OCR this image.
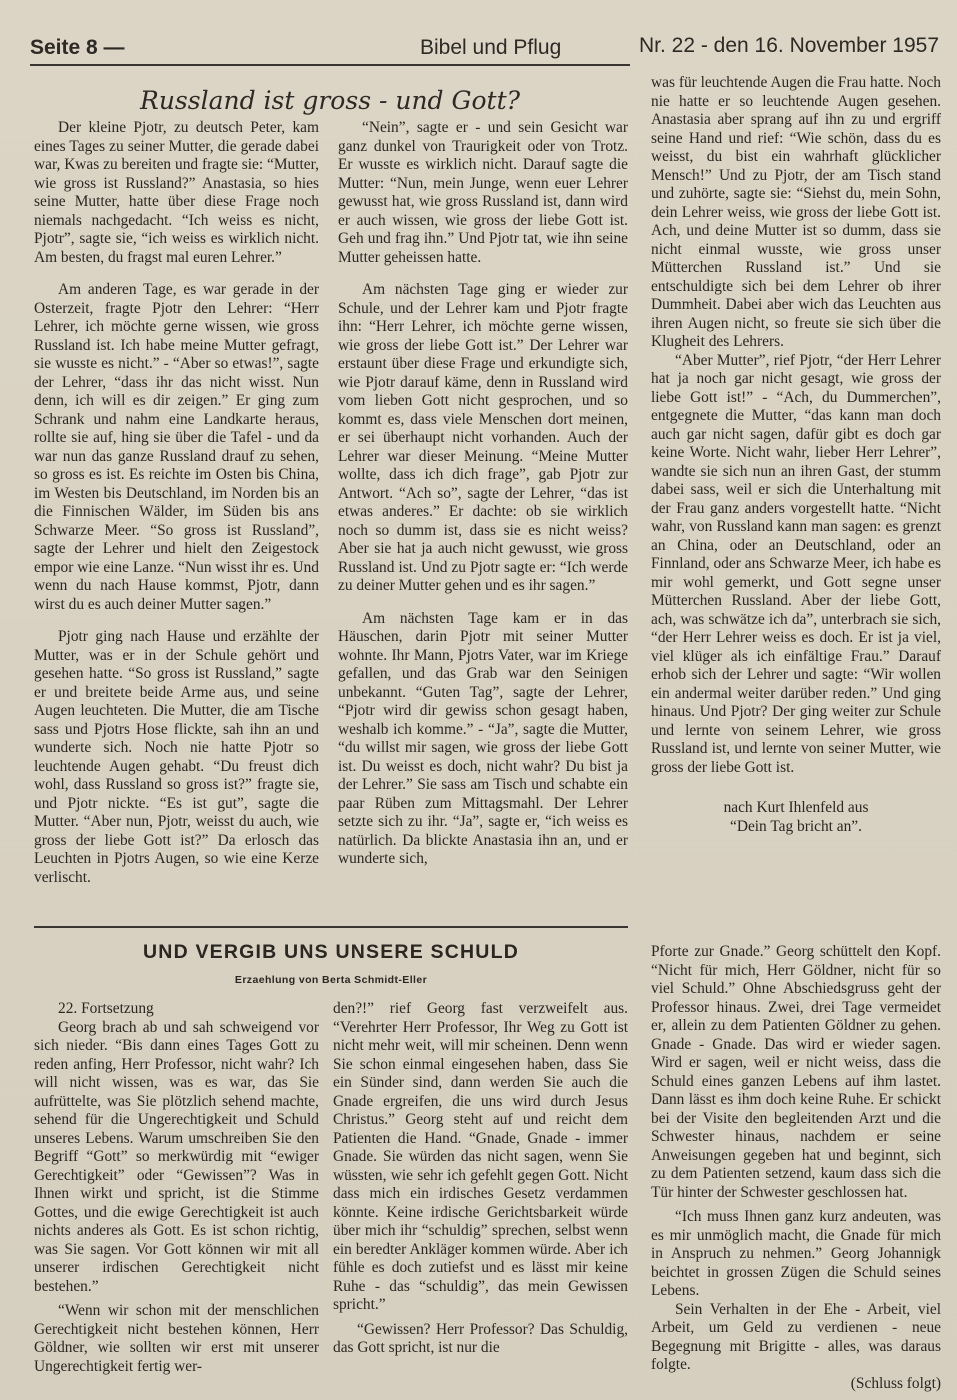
Seite 8 —	Bibel und Pflug	Nr. 22 - den 16. November 1957
Russland ist gross - und Gott?

Der kleine Pjotr, zu deutsch Peter, kam eines Tages zu seiner Mutter, die gerade dabei war, Kwas zu bereiten und fragte sie: “Mutter, wie gross ist Russland?” Anastasia, so hies seine Mutter, hatte über diese Frage noch niemals nachgedacht. “Ich weiss es nicht, Pjotr”, sagte sie, “ich weiss es wirklich nicht. Am besten, du fragst mal euren Lehrer.”

Am anderen Tage, es war gerade in der Osterzeit, fragte Pjotr den Lehrer: “Herr Lehrer, ich möchte gerne wissen, wie gross Russland ist. Ich habe meine Mutter gefragt, sie wusste es nicht.” - “Aber so etwas!”, sagte der Lehrer, “dass ihr das nicht wisst. Nun denn, ich will es dir zeigen.” Er ging zum Schrank und nahm eine Landkarte heraus, rollte sie auf, hing sie über die Tafel - und da war nun das ganze Russland drauf zu sehen, so gross es ist. Es reichte im Osten bis China, im Westen bis Deutschland, im Norden bis an die Finnischen Wälder, im Süden bis ans Schwarze Meer. “So gross ist Russland”, sagte der Lehrer und hielt den Zeigestock empor wie eine Lanze. “Nun wisst ihr es. Und wenn du nach Hause kommst, Pjotr, dann wirst du es auch deiner Mutter sagen.”

Pjotr ging nach Hause und erzählte der Mutter, was er in der Schule gehört und gesehen hatte. “So gross ist Russland,” sagte er und breitete beide Arme aus, und seine Augen leuchteten. Die Mutter, die am Tische sass und Pjotrs Hose flickte, sah ihn an und wunderte sich. Noch nie hatte Pjotr so leuchtende Augen gehabt. “Du freust dich wohl, dass Russland so gross ist?” fragte sie, und Pjotr nickte. “Es ist gut”, sagte die Mutter. “Aber nun, Pjotr, weisst du auch, wie gross der liebe Gott ist?” Da erlosch das Leuchten in Pjotrs Augen, so wie eine Kerze verlischt.

“Nein”, sagte er - und sein Gesicht war ganz dunkel von Traurigkeit oder von Trotz. Er wusste es wirklich nicht. Darauf sagte die Mutter: “Nun, mein Junge, wenn euer Lehrer gewusst hat, wie gross Russland ist, dann wird er auch wissen, wie gross der liebe Gott ist. Geh und frag ihn.” Und Pjotr tat, wie ihn seine Mutter geheissen hatte.

Am nächsten Tage ging er wieder zur Schule, und der Lehrer kam und Pjotr fragte ihn: “Herr Lehrer, ich möchte gerne wissen, wie gross der liebe Gott ist.” Der Lehrer war erstaunt über diese Frage und erkundigte sich, wie Pjotr darauf käme, denn in Russland wird vom lieben Gott nicht gesprochen, und so kommt es, dass viele Menschen dort meinen, er sei überhaupt nicht vorhanden. Auch der Lehrer war dieser Meinung. “Meine Mutter wollte, dass ich dich frage”, gab Pjotr zur Antwort. “Ach so”, sagte der Lehrer, “das ist etwas anderes.” Er dachte: ob sie wirklich noch so dumm ist, dass sie es nicht weiss? Aber sie hat ja auch nicht gewusst, wie gross Russland ist. Und zu Pjotr sagte er: “Ich werde zu deiner Mutter gehen und es ihr sagen.”

Am nächsten Tage kam er in das Häuschen, darin Pjotr mit seiner Mutter wohnte. Ihr Mann, Pjotrs Vater, war im Kriege gefallen, und das Grab war den Seinigen unbekannt. “Guten Tag”, sagte der Lehrer, “Pjotr wird dir gewiss schon gesagt haben, weshalb ich komme.” - “Ja”, sagte die Mutter, “du willst mir sagen, wie gross der liebe Gott ist. Du weisst es doch, nicht wahr? Du bist ja der Lehrer.” Sie sass am Tisch und schabte ein paar Rüben zum Mittagsmahl. Der Lehrer setzte sich zu ihr. “Ja”, sagte er, “ich weiss es natürlich. Da blickte Anastasia ihn an, und er wunderte sich,

was für leuchtende Augen die Frau hatte. Noch nie hatte er so leuchtende Augen gesehen. Anastasia aber sprang auf ihn zu und ergriff seine Hand und rief: “Wie schön, dass du es weisst, du bist ein wahrhaft glücklicher Mensch!” Und zu Pjotr, der am Tisch stand und zuhörte, sagte sie: “Siehst du, mein Sohn, dein Lehrer weiss, wie gross der liebe Gott ist. Ach, und deine Mutter ist so dumm, dass sie nicht einmal wusste, wie gross unser Mütterchen Russland ist.” Und sie entschuldigte sich bei dem Lehrer ob ihrer Dummheit. Dabei aber wich das Leuchten aus ihren Augen nicht, so freute sie sich über die Klugheit des Lehrers.

“Aber Mutter”, rief Pjotr, “der Herr Lehrer hat ja noch gar nicht gesagt, wie gross der liebe Gott ist!” - “Ach, du Dummerchen”, entgegnete die Mutter, “das kann man doch auch gar nicht sagen, dafür gibt es doch gar keine Worte. Nicht wahr, lieber Herr Lehrer”, wandte sie sich nun an ihren Gast, der stumm dabei sass, weil er sich die Unterhaltung mit der Frau ganz anders vorgestellt hatte. “Nicht wahr, von Russland kann man sagen: es grenzt an China, oder an Deutschland, oder an Finnland, oder ans Schwarze Meer, ich habe es mir wohl gemerkt, und Gott segne unser Mütterchen Russland. Aber der liebe Gott, ach, was schwätze ich da”, unterbrach sie sich, “der Herr Lehrer weiss es doch. Er ist ja viel, viel klüger als ich einfältige Frau.” Darauf erhob sich der Lehrer und sagte: “Wir wollen ein andermal weiter darüber reden.” Und ging hinaus. Und Pjotr? Der ging weiter zur Schule und lernte von seinem Lehrer, wie gross Russland ist, und lernte von seiner Mutter, wie gross der liebe Gott ist.

nach Kurt Ihlenfeld aus

“Dein Tag bricht an”.

UND VERGIB UNS UNSERE SCHULD
Erzaehlung von Berta Schmidt-Eller

22. Fortsetzung

Georg brach ab und sah schweigend vor sich nieder. “Bis dann eines Tages Gott zu reden anfing, Herr Professor, nicht wahr? Ich will nicht wissen, was es war, das Sie aufrüttelte, was Sie plötzlich sehend machte, sehend für die Ungerechtigkeit und Schuld unseres Lebens. Warum umschreiben Sie den Begriff “Gott” so merkwürdig mit “ewiger Gerechtigkeit” oder “Gewissen”? Was in Ihnen wirkt und spricht, ist die Stimme Gottes, und die ewige Gerechtigkeit ist auch nichts anderes als Gott. Es ist schon richtig, was Sie sagen. Vor Gott können wir mit all unserer irdischen Gerechtigkeit nicht bestehen.”

“Wenn wir schon mit der menschlichen Gerechtigkeit nicht bestehen können, Herr Göldner, wie sollten wir erst mit unserer Ungerechtigkeit fertig wer-

den?!” rief Georg fast verzweifelt aus. “Verehrter Herr Professor, Ihr Weg zu Gott ist nicht mehr weit, will mir scheinen. Denn wenn Sie schon einmal eingesehen haben, dass Sie ein Sünder sind, dann werden Sie auch die Gnade ergreifen, die uns wird durch Jesus Christus.” Georg steht auf und reicht dem Patienten die Hand. “Gnade, Gnade - immer Gnade. Sie würden das nicht sagen, wenn Sie wüssten, wie sehr ich gefehlt gegen Gott. Nicht dass mich ein irdisches Gesetz verdammen könnte. Keine irdische Gerichtsbarkeit würde über mich ihr “schuldig” sprechen, selbst wenn ein beredter Ankläger kommen würde. Aber ich fühle es doch zutiefst und es lässt mir keine Ruhe - das “schuldig”, das mein Gewissen spricht.”

“Gewissen? Herr Professor? Das Schuldig, das Gott spricht, ist nur die

Pforte zur Gnade.” Georg schüttelt den Kopf. “Nicht für mich, Herr Göldner, nicht für so viel Schuld.” Ohne Abschiedsgruss geht der Professor hinaus. Zwei, drei Tage vermeidet er, allein zu dem Patienten Göldner zu gehen. Gnade - Gnade. Das wird er wieder sagen. Wird er sagen, weil er nicht weiss, dass die Schuld eines ganzen Lebens auf ihm lastet. Dann lässt es ihm doch keine Ruhe. Er schickt bei der Visite den begleitenden Arzt und die Schwester hinaus, nachdem er seine Anweisungen gegeben hat und beginnt, sich zu dem Patienten setzend, kaum dass sich die Tür hinter der Schwester geschlossen hat.

“Ich muss Ihnen ganz kurz andeuten, was es mir unmöglich macht, die Gnade für mich in Anspruch zu nehmen.” Georg Johannigk beichtet in grossen Zügen die Schuld seines Lebens.

Sein Verhalten in der Ehe - Arbeit, viel Arbeit, um Geld zu verdienen - neue Begegnung mit Brigitte - alles, was daraus folgte.

(Schluss folgt)
